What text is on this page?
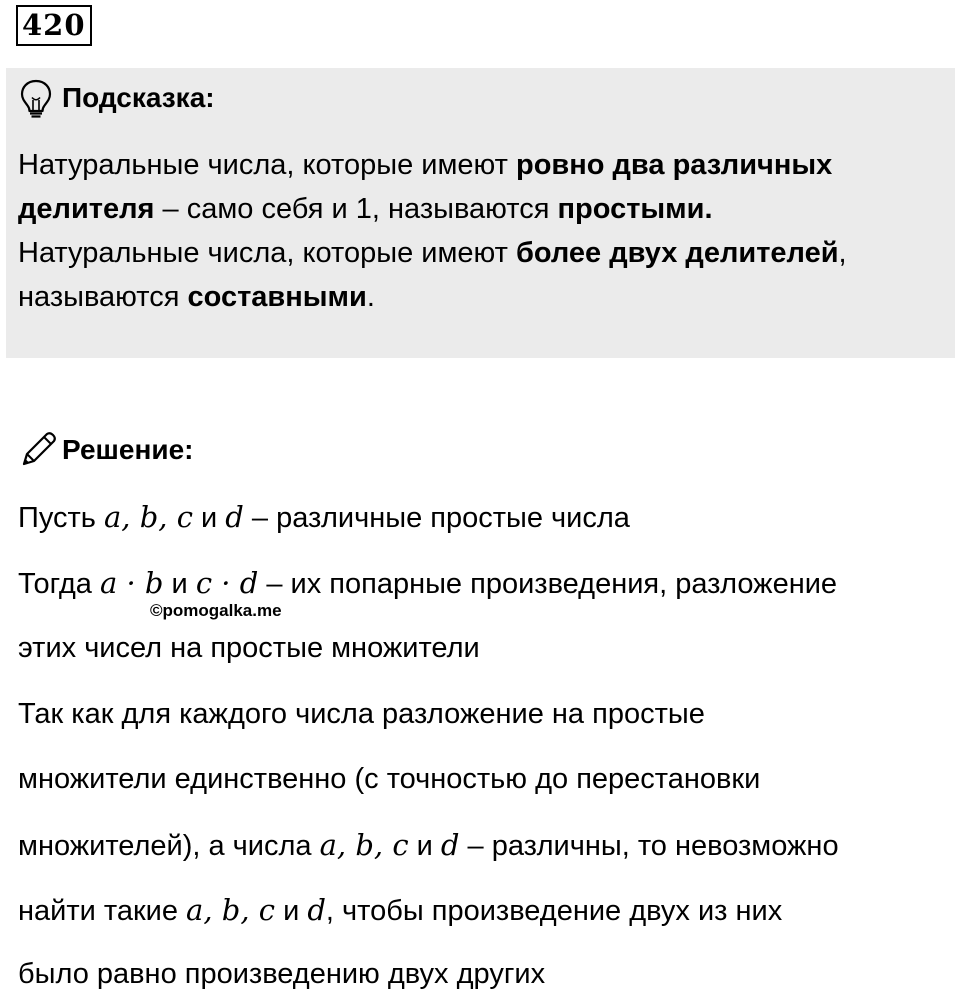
420
Подсказка:
Натуральные числа, которые имеют ровно два различных делителя – само себя и 1, называются простыми.
Натуральные числа, которые имеют более двух делителей, называются составными.
Решение:
Пусть a, b, c и d – различные простые числа
Тогда a · b и c · d – их попарные произведения, разложение
©pomogalka.me
этих чисел на простые множители
Так как для каждого числа разложение на простые
множители единственно (с точностью до перестановки
множителей), а числа a, b, c и d – различны, то невозможно
найти такие a, b, c и d, чтобы произведение двух из них
было равно произведению двух других
